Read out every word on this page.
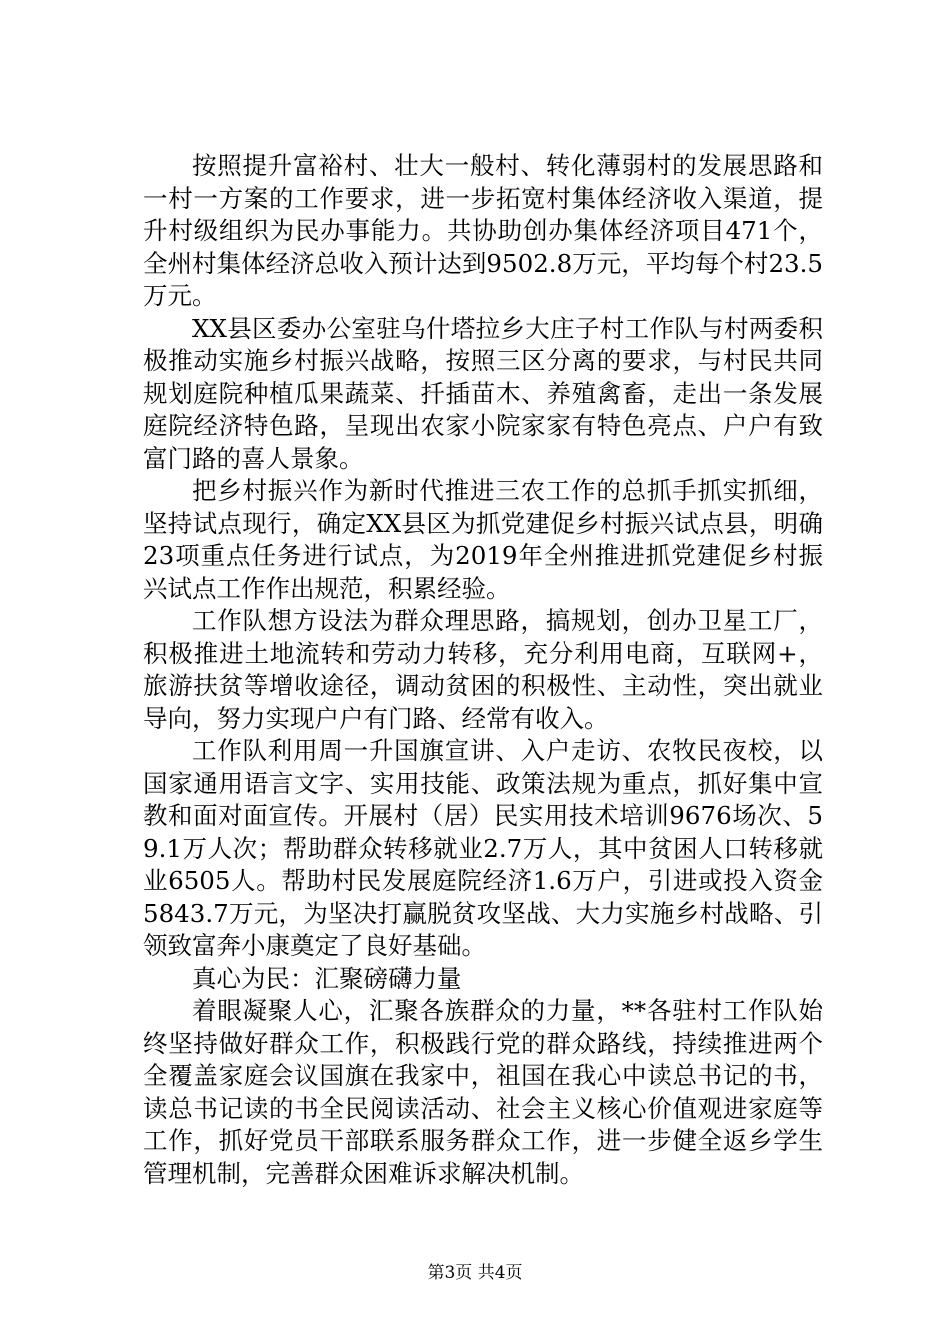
按照提升富裕村、壮大一般村、转化薄弱村的发展思路和一村一方案的工作要求，进一步拓宽村集体经济收入渠道，提升村级组织为民办事能力。共协助创办集体经济项目471个，全州村集体经济总收入预计达到9502.8万元，平均每个村23.5万元。

XX县区委办公室驻乌什塔拉乡大庄子村工作队与村两委积极推动实施乡村振兴战略，按照三区分离的要求，与村民共同规划庭院种植瓜果蔬菜、扦插苗木、养殖禽畜，走出一条发展庭院经济特色路，呈现出农家小院家家有特色亮点、户户有致富门路的喜人景象。

把乡村振兴作为新时代推进三农工作的总抓手抓实抓细，坚持试点现行，确定XX县区为抓党建促乡村振兴试点县，明确23项重点任务进行试点，为2019年全州推进抓党建促乡村振兴试点工作作出规范，积累经验。

工作队想方设法为群众理思路，搞规划，创办卫星工厂，积极推进土地流转和劳动力转移，充分利用电商，互联网+，旅游扶贫等增收途径，调动贫困的积极性、主动性，突出就业导向，努力实现户户有门路、经常有收入。

工作队利用周一升国旗宣讲、入户走访、农牧民夜校，以国家通用语言文字、实用技能、政策法规为重点，抓好集中宣教和面对面宣传。开展村（居）民实用技术培训9676场次、59.1万人次；帮助群众转移就业2.7万人，其中贫困人口转移就业6505人。帮助村民发展庭院经济1.6万户，引进或投入资金5843.7万元，为坚决打赢脱贫攻坚战、大力实施乡村战略、引领致富奔小康奠定了良好基础。

真心为民：汇聚磅礴力量

着眼凝聚人心，汇聚各族群众的力量，**各驻村工作队始终坚持做好群众工作，积极践行党的群众路线，持续推进两个全覆盖家庭会议国旗在我家中，祖国在我心中读总书记的书，读总书记读的书全民阅读活动、社会主义核心价值观进家庭等工作，抓好党员干部联系服务群众工作，进一步健全返乡学生管理机制，完善群众困难诉求解决机制。

第3页 共4页
